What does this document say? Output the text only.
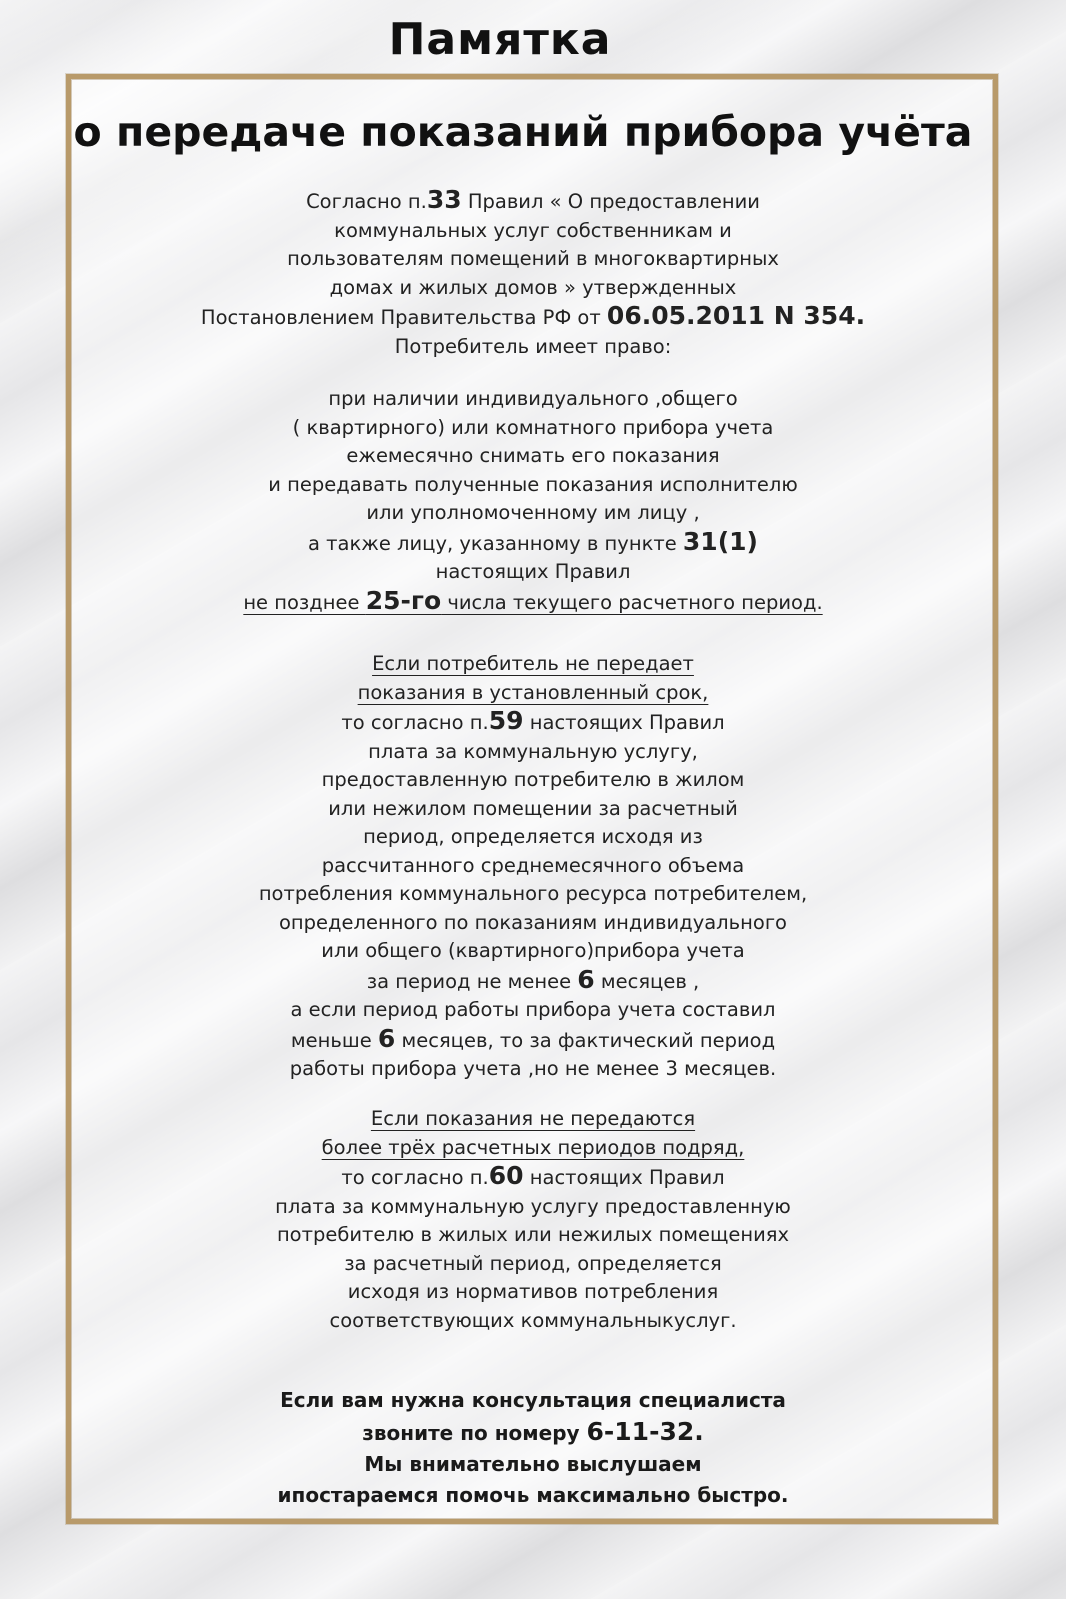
Памятка
о передаче показаний прибора учёта
Согласно п.33 Правил « О предоставлении
коммунальных услуг собственникам и
пользователям помещений в многоквартирных
домах и жилых домов » утвержденных
Постановлением Правительства РФ от 06.05.2011 N 354.
Потребитель имеет право:
при наличии индивидуального ,общего
( квартирного) или комнатного прибора учета
ежемесячно снимать его показания
и передавать полученные показания исполнителю
или уполномоченному им лицу ,
а также лицу, указанному в пункте 31(1)
настоящих Правил
не позднее 25-го числа текущего расчетного период.
Если потребитель не передает
показания в установленный срок,
то согласно п.59 настоящих Правил
плата за коммунальную услугу,
предоставленную потребителю в жилом
или нежилом помещении за расчетный
период, определяется исходя из
рассчитанного среднемесячного объема
потребления коммунального ресурса потребителем,
определенного по показаниям индивидуального
или общего (квартирного)прибора учета
за период не менее 6 месяцев ,
а если период работы прибора учета составил
меньше 6 месяцев, то за фактический период
работы прибора учета ,но не менее 3 месяцев.
Если показания не передаются
более трёх расчетных периодов подряд,
то согласно п.60 настоящих Правил
плата за коммунальную услугу предоставленную
потребителю в жилых или нежилых помещениях
за расчетный период, определяется
исходя из нормативов потребления
соответствующих коммунальныкуслуг.
Если вам нужна консультация специалиста
звоните по номеру 6-11-32.
Мы внимательно выслушаем
ипостараемся помочь максимально быстро.
